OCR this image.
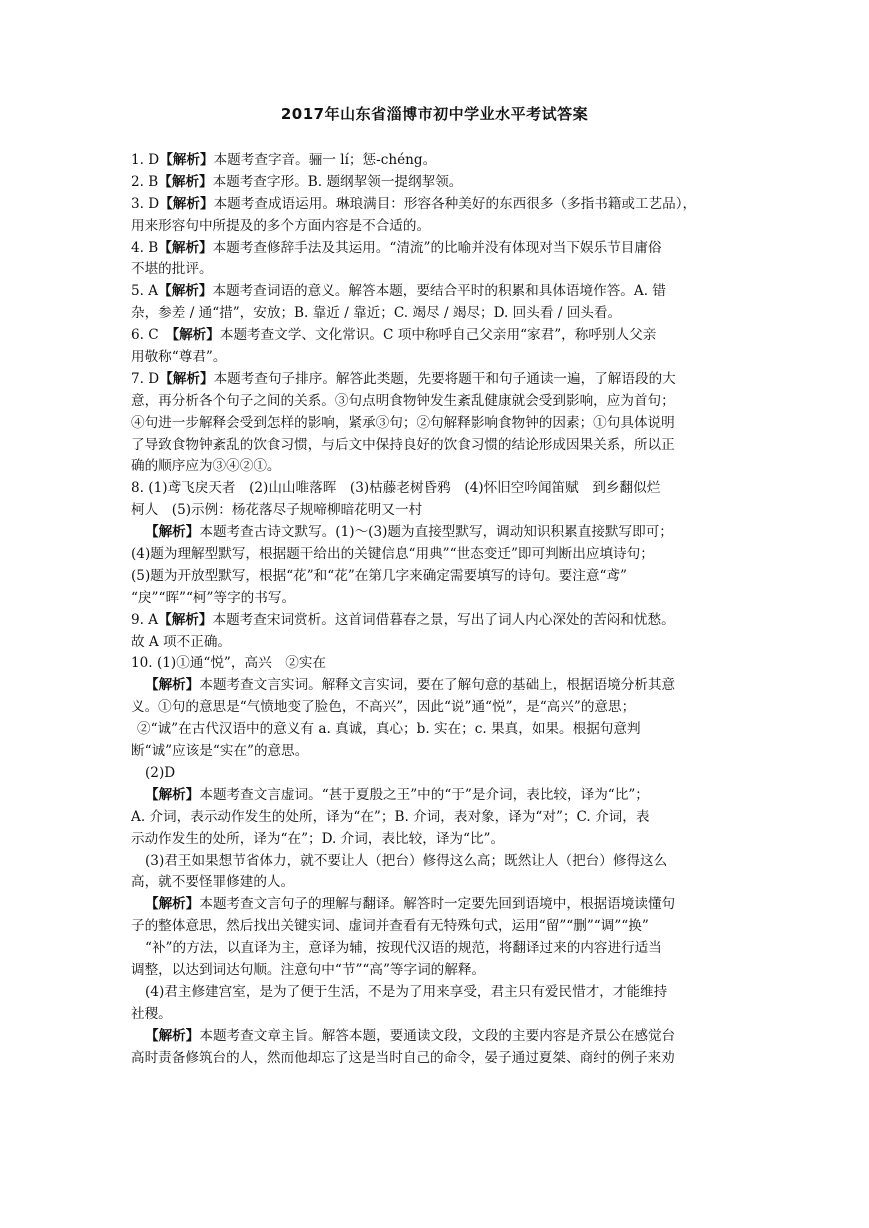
2017年山东省淄博市初中学业水平考试答案
1. D【解析】本题考查字音。骊一 lí；惩-chéng。
2. B【解析】本题考查字形。B. 题纲挈领一提纲挈领。
3. D【解析】本题考查成语运用。琳琅满目：形容各种美好的东西很多（多指书籍或工艺品），
用来形容句中所提及的多个方面内容是不合适的。
4. B【解析】本题考查修辞手法及其运用。“清流”的比喻并没有体现对当下娱乐节目庸俗
不堪的批评。
5. A【解析】本题考查词语的意义。解答本题，要结合平时的积累和具体语境作答。A. 错
杂，参差 / 通“措”，安放；B. 靠近 / 靠近；C. 竭尽 / 竭尽；D. 回头看 / 回头看。
6. C　【解析】本题考查文学、文化常识。C 项中称呼自己父亲用“家君”，称呼别人父亲
用敬称“尊君”。
7. D【解析】本题考查句子排序。解答此类题，先要将题干和句子通读一遍，了解语段的大
意，再分析各个句子之间的关系。③句点明食物钟发生紊乱健康就会受到影响，应为首句；
④句进一步解释会受到怎样的影响，紧承③句；②句解释影响食物钟的因素；①句具体说明
了导致食物钟紊乱的饮食习惯，与后文中保持良好的饮食习惯的结论形成因果关系，所以正
确的顺序应为③④②①。
8. (1)鸢飞戾天者　(2)山山唯落晖　(3)枯藤老树昏鸦　(4)怀旧空吟闻笛赋　到乡翻似烂
柯人　(5)示例：杨花落尽子规啼柳暗花明又一村
【解析】本题考查古诗文默写。(1)～(3)题为直接型默写，调动知识积累直接默写即可；
(4)题为理解型默写，根据题干给出的关键信息“用典”“世态变迁”即可判断出应填诗句；
(5)题为开放型默写，根据“花”和“花”在第几字来确定需要填写的诗句。要注意“鸢”
“戾”“晖”“柯”等字的书写。
9. A【解析】本题考查宋词赏析。这首词借暮春之景，写出了词人内心深处的苦闷和忧愁。
故 A 项不正确。
10. (1)①通“悦”，高兴　②实在
【解析】本题考查文言实词。解释文言实词，要在了解句意的基础上，根据语境分析其意
义。①句的意思是“气愤地变了脸色，不高兴”，因此“说”通“悦”，是“高兴”的意思；
②“诚”在古代汉语中的意义有 a. 真诚，真心；b. 实在；c. 果真，如果。根据句意判
断“诚”应该是“实在”的意思。
(2)D
【解析】本题考查文言虚词。“甚于夏殷之王”中的“于”是介词，表比较，译为“比”；
A. 介词，表示动作发生的处所，译为“在”；B. 介词，表对象，译为“对”；C. 介词，表
示动作发生的处所，译为“在”；D. 介词，表比较，译为“比”。
(3)君王如果想节省体力，就不要让人（把台）修得这么高；既然让人（把台）修得这么
高，就不要怪罪修建的人。
【解析】本题考查文言句子的理解与翻译。解答时一定要先回到语境中，根据语境读懂句
子的整体意思，然后找出关键实词、虚词并查看有无特殊句式，运用“留”“删”“调”“换”
“补”的方法，以直译为主，意译为辅，按现代汉语的规范，将翻译过来的内容进行适当
调整，以达到词达句顺。注意句中“节”“高”等字词的解释。
(4)君主修建宫室，是为了便于生活，不是为了用来享受，君主只有爱民惜才，才能维持
社稷。
【解析】本题考查文章主旨。解答本题，要通读文段，文段的主要内容是齐景公在感觉台
高时责备修筑台的人，然而他却忘了这是当时自己的命令，晏子通过夏桀、商纣的例子来劝
